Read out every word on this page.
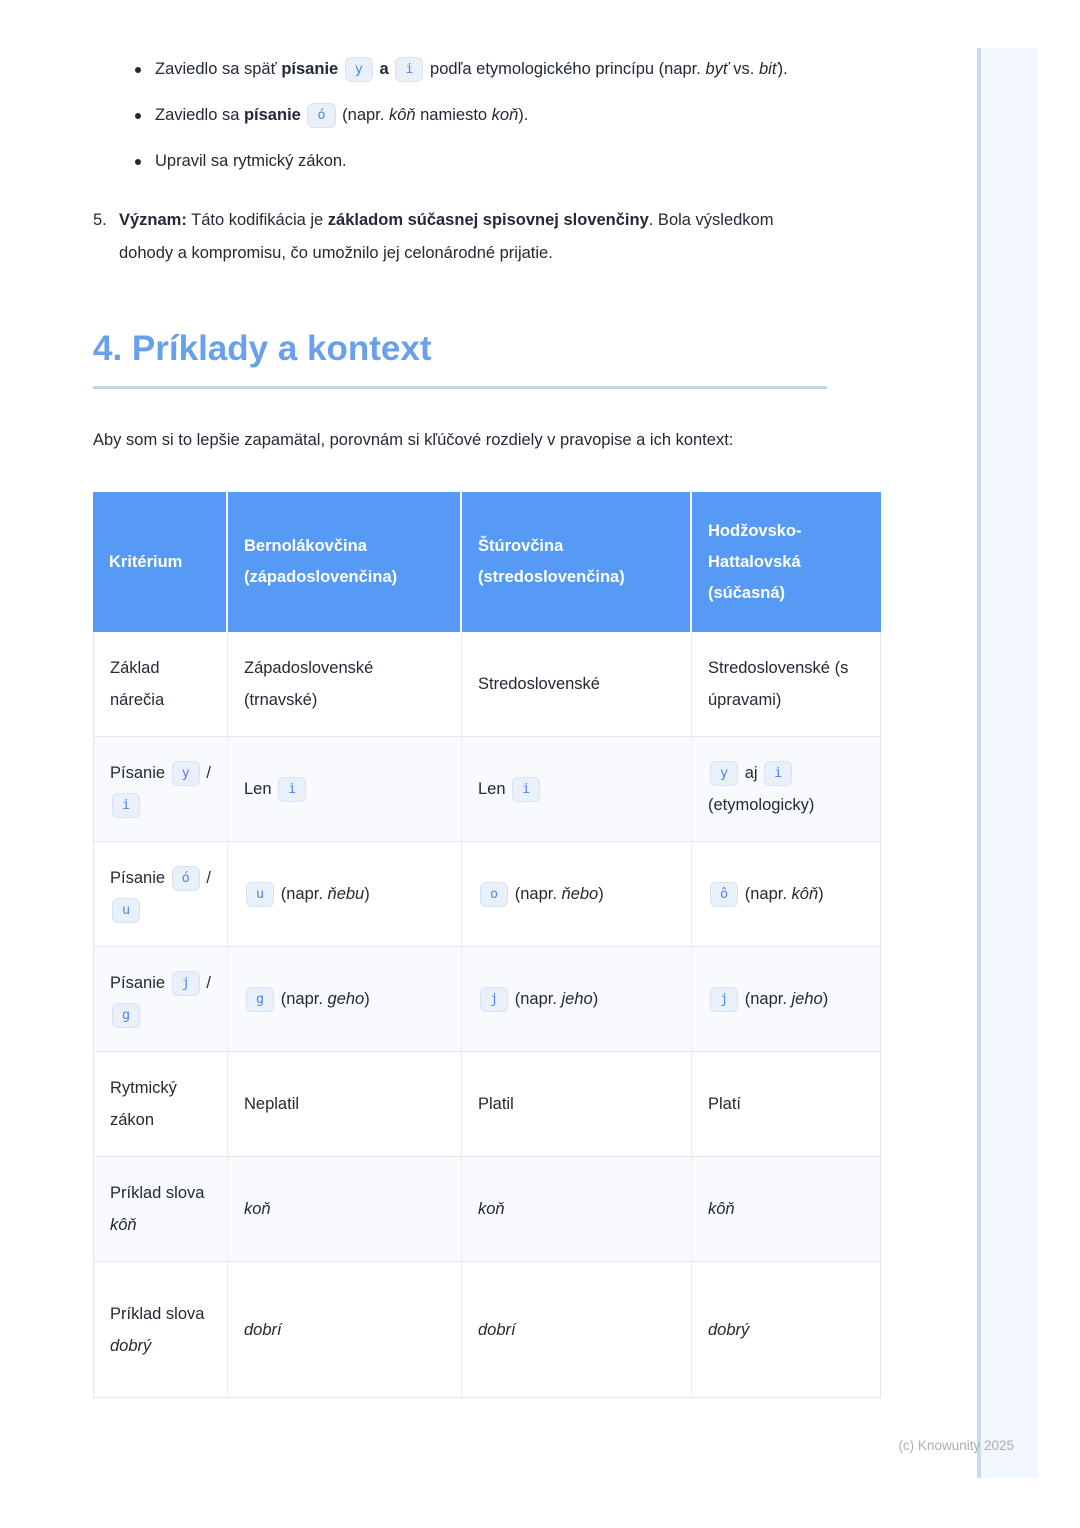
Zaviedlo sa späť písanie y a i podľa etymologického princípu (napr. byť vs. biť).
Zaviedlo sa písanie ó (napr. kôň namiesto koň).
Upravil sa rytmický zákon.
5. Význam: Táto kodifikácia je základom súčasnej spisovnej slovenčiny. Bola výsledkom dohody a kompromisu, čo umožnilo jej celonárodné prijatie.
4. Príklady a kontext

Aby som si to lepšie zapamätal, porovnám si kľúčové rozdiely v pravopise a ich kontext:

Kritérium	Bernolákovčina (západoslovenčina)	Štúrovčina (stredoslovenčina)	Hodžovsko-Hattalovská (súčasná)
Základ nárečia	Západoslovenské (trnavské)	Stredoslovenské	Stredoslovenské (s úpravami)
Písanie y / i	Len i	Len i	y aj i (etymologicky)
Písanie ó / u	u (napr. ňebu)	o (napr. ňebo)	ô (napr. kôň)
Písanie j / g	g (napr. geho)	j (napr. jeho)	j (napr. jeho)
Rytmický zákon	Neplatil	Platil	Platí
Príklad slova kôň	koň	koň	kôň
Príklad slova dobrý	dobrí	dobrí	dobrý
(c) Knowunity 2025
